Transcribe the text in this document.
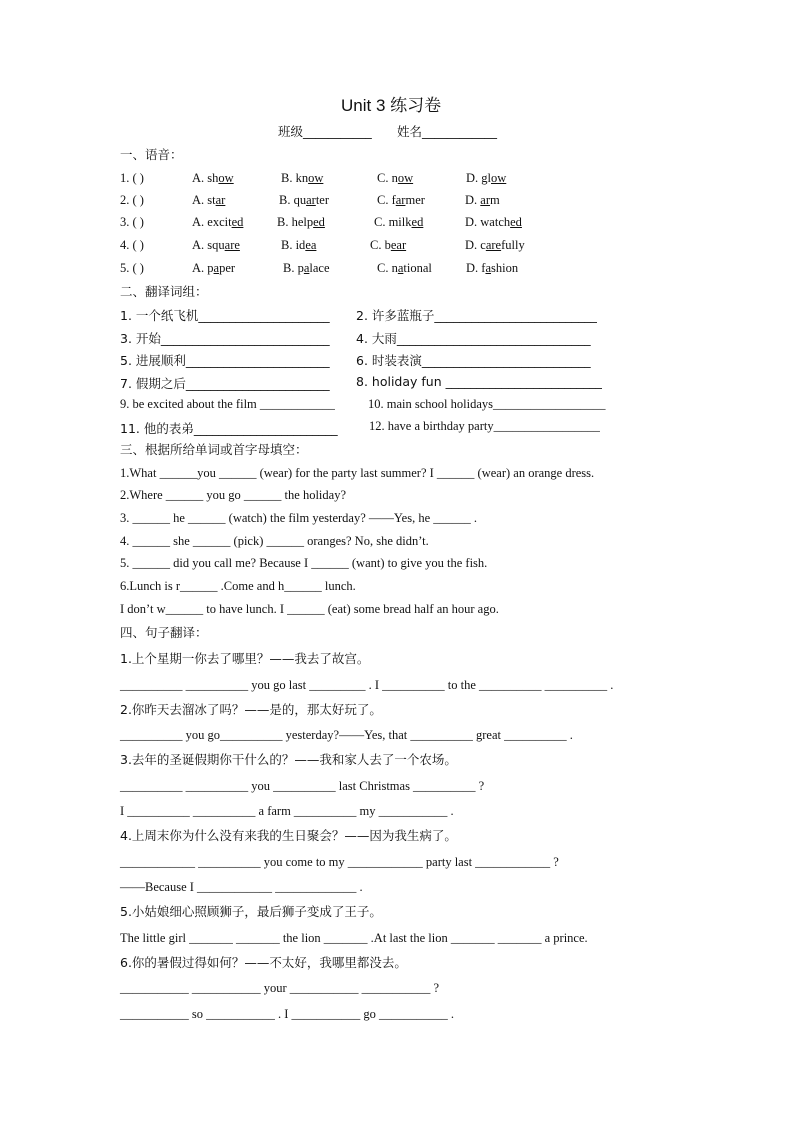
Unit 3 练习卷
班级___________ 姓名____________
一、语音：
1. ( )	A. show	B. know	C. now	D. glow
2. ( )	A. star	B. quarter	C. farmer	D. arm
3. ( )	A. excited	B. helped	C. milked	D. watched
4. ( )	A. square	B. idea	C. bear	D. carefully
5. ( )	A. paper	B. palace	C. national	D. fashion
二、翻译词组：
1. 一个纸飞机_____________________ 2. 许多蓝瓶子__________________________
3. 开始___________________________ 4. 大雨_______________________________
5. 进展顺利_______________________ 6. 时装表演___________________________
7. 假期之后_______________________ 8. holiday fun _________________________
9. be excited about the film ____________	10. main school holidays__________________
11. 他的表弟_______________________	12. have a birthday party_________________
三、根据所给单词或首字母填空：
1.What ______you ______ (wear) for the party last summer? I ______ (wear) an orange dress.
2.Where ______ you go ______ the holiday?
3. ______ he ______ (watch) the film yesterday? ——Yes, he ______ .
4. ______ she ______ (pick) ______ oranges? No, she didn’t.
5. ______ did you call me? Because I ______ (want) to give you the fish.
6.Lunch is r______ .Come and h______ lunch.
I don’t w______ to have lunch. I ______ (eat) some bread half an hour ago.
四、句子翻译：
1.上个星期一你去了哪里？——我去了故宫。
__________ __________ you go last _________ . I __________ to the __________ __________ .
2.你昨天去溜冰了吗？——是的，那太好玩了。
__________ you go__________ yesterday?——Yes, that __________ great __________ .
3.去年的圣诞假期你干什么的？——我和家人去了一个农场。
__________ __________ you __________ last Christmas __________ ?
I __________ __________ a farm __________ my ___________ .
4.上周末你为什么没有来我的生日聚会？——因为我生病了。
____________ __________ you come to my ____________ party last ____________ ?
——Because I ____________ _____________ .
5.小姑娘细心照顾狮子，最后狮子变成了王子。
The little girl _______ _______ the lion _______ .At last the lion _______ _______ a prince.
6.你的暑假过得如何？——不太好，我哪里都没去。
___________ ___________ your ___________ ___________ ?
___________ so ___________ . I ___________ go ___________ .
